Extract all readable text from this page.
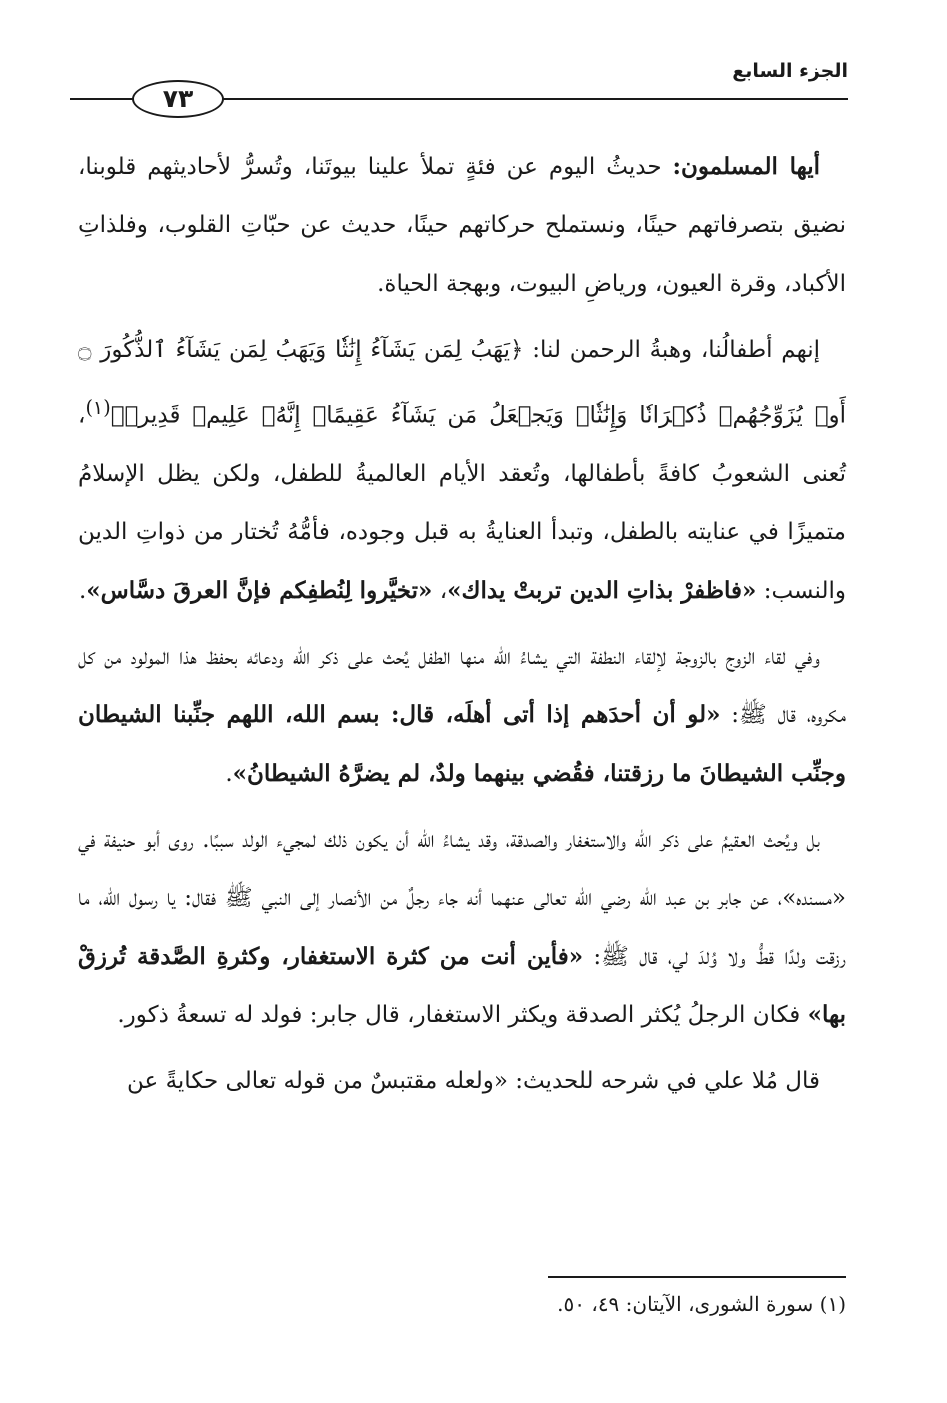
الجزء السابع
٧٣

أيها المسلمون: حديثُ اليوم عن فئةٍ تملأ علينا بيوتَنا، وتُسرُّ لأحاديثهم قلوبنا، نضيق بتصرفاتهم حينًا، ونستملح حركاتهم حينًا، حديث عن حبّاتِ القلوب، وفلذاتِ الأكباد، وقرة العيون، ورياضِ البيوت، وبهجة الحياة.

إنهم أطفالُنا، وهبةُ الرحمن لنا: ﴿يَهَبُ لِمَن يَشَآءُ إِنَٰثٗا وَيَهَبُ لِمَن يَشَآءُ ٱلذُّكُورَ ۝ أَوۡ يُزَوِّجُهُمۡ ذُكۡرَانٗا وَإِنَٰثٗاۖ وَيَجۡعَلُ مَن يَشَآءُ عَقِيمًاۚ إِنَّهُۥ عَلِيمٞ قَدِيرٞ﴾$^{(١)}$، تُعنى الشعوبُ كافةً بأطفالها، وتُعقد الأيام العالميةُ للطفل، ولكن يظل الإسلامُ متميزًا في عنايته بالطفل، وتبدأ العنايةُ به قبل وجوده، فأمُّهُ تُختار من ذواتِ الدين والنسب: «فاظفرْ بذاتِ الدين تربتْ يداك»، «تخيَّروا لِنُطفِكم فإنَّ العرقَ دسَّاس».

وفي لقاء الزوج بالزوجة لإلقاء النطفة التي يشاءُ الله منها الطفل يُحث على ذكر الله ودعائه بحفظ هذا المولود من كل مكروه، قال ﷺ: «لو أن أحدَهم إذا أتى أهلَه، قال: بسم الله، اللهم جنِّبنا الشيطان وجنِّب الشيطانَ ما رزقتنا، فقُضي بينهما ولدٌ، لم يضرَّهُ الشيطانُ».

بل ويُحث العقيمُ على ذكر الله والاستغفار والصدقة، وقد يشاءُ الله أن يكون ذلك لمجيء الولد سببًا. روى أبو حنيفة في «مسنده»، عن جابر بن عبد الله رضي الله تعالى عنهما أنه جاء رجلٌ من الأنصار إلى النبي ﷺ فقال: يا رسول الله، ما رزقت ولدًا قطُّ ولا وُلدَ لي، قال ﷺ: «فأين أنت من كثرة الاستغفار، وكثرةِ الصَّدقة تُرزقْ بها» فكان الرجلُ يُكثر الصدقة ويكثر الاستغفار، قال جابر: فولد له تسعةُ ذكور.

قال مُلا علي في شرحه للحديث: «ولعله مقتبسٌ من قوله تعالى حكايةً عن

(١) سورة الشورى، الآيتان: ٤٩، ٥٠.
